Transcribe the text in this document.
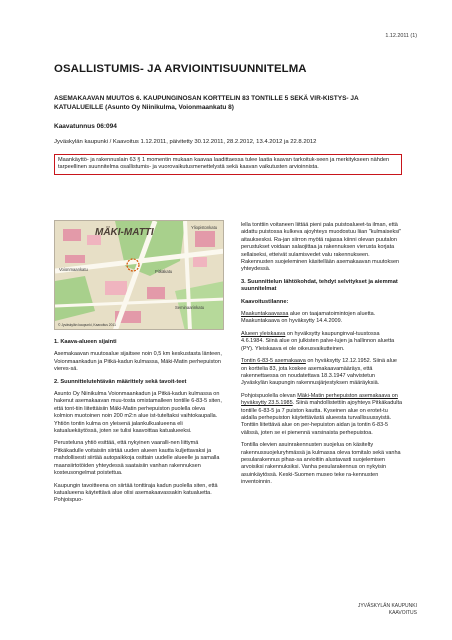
1.12.2011 (1)
OSALLISTUMIS- JA ARVIOINTISUUNNITELMA
ASEMAKAAVAN MUUTOS 6. KAUPUNGINOSAN KORTTELIN 83 TONTILLE 5 SEKÄ VIR-KISTYS- JA KATUALUEILLE (Asunto Oy Niinikulma, Voionmaankatu 8)
Kaavatunnus 06:094
Jyväskylän kaupunki / Kaavoitus 1.12.2011, päivitetty 30.12.2011, 28.2.2012, 13.4.2012 ja 22.8.2012
Maankäyttö- ja rakennuslain 63 § 1 momentin mukaan kaavaa laadittaessa tulee laatia kaavan tarkoituk-seen ja merkitykseen nähden tarpeellinen suunnitelma osallistumis- ja vuorovaikutusmenettelystä sekä kaavan vaikutusten arvioinnista.
MÄKI-MATTI
Voionmaankatu	Pitkäkatu
Yliopistonkatu
Seminaarinkatu
© Jyväskylän kaupunki, Kaavoitus 2011
1. Kaava-alueen sijainti

Asemakaavan muutosalue sijaitsee noin 0,5 km keskustasta länteen, Voionmaankadun ja Pitkä-kadun kulmassa, Mäki-Matin perhepuiston vieres-sä.

2. Suunnittelutehtävän määrittely sekä tavoit-teet

Asunto Oy Niinikulma Voionmaankadun ja Pitkä-kadun kulmassa on hakenut asemakaavan muu-tosta omistamalleen tontille 6-83-5 siten, että tont-tiin liitettäisiin Mäki-Matin perhepuiston puolella oleva kolmion muotoinen noin 200 m2:n alue ist-tuteltaksi vaihtokaupalla. Yhtiön tontin kulma on yleisenä jalankulkualueena eli katualuekäytössä, joten se tulisi kaavoittaa katualueeksi.

Perusteluna yhtiö esittää, että nykyinen vaaralli-nen liittymä Pitkäkadulle voitaisiin siirtää uuden alueen kautta kuljettavaksi ja mahdollisesti siirtää autopaikkoja osittain uudelle alueelle ja samalla maansiirtotöiden yhteydessä saataisiin vanhan rakennuksen kosteusongelmat poistettua.

Kaupungin tavoitteena on siirtää tonttiraja kadun puolella siten, että katualueena käytettävä alue olisi asemakaavassakin katualuetta. Pohjoispuo-

lella tonttiin voitaneen liittää pieni pala puistoalueet-ta ilman, että aidattu puistossa kulkeva ajoyhteys muodostuu liian "kulmaiseksi" aitauksesksi. Ra-jan siirron myötä rajassa kiinni olevan puutalon perustukset voidaan salaojittaa ja rakennuksen vierusta korjata sellaiseksi, etteivät sulamisvedet valu rakennukseen. Rakennusten suojeleminen käsitellään asemakaavan muutoksen yhteydessä.

3. Suunnittelun lähtökohdat, tehdyt selvitykset ja aiemmat suunnitelmat
Kaavoitustilanne:

Maakuntakaavassa alue on taajamatoimintojen aluetta. Maakuntakaava on hyväksytty 14.4.2009.

Alueen yleiskaava on hyväksytty kaupunginval-tuustossa 4.6.1984. Siinä alue on julkisten palve-lujen ja hallinnon aluetta (PY). Yleiskaava ei ole oikeusvaikutteinen.

Tontin 6-83-5 asemakaava on hyväksytty 12.12.1952. Siinä alue on korttelia 83, jota koskee asemakaavamääräys, että rakennettaessa on noudatettava 18.3.1947 vahvistetun Jyväskylän kaupungin rakennusjärjestyksen määräyksiä.

Pohjoispuolella olevan Mäki-Matin perhepuiston asemakaava on hyväksytty 23.5.1985. Siinä mahdollistettiin ajoyhteys Pitkäkadulta tontille 6-83-5 ja 7 puiston kautta. Kyseinen alue on erotet-tu aidalla perhepuiston käytettävästä alueesta turvallisuussyistä. Tonttiin liitettävä alue on per-hepuiston aidan ja tontin 6-83-5 välissä, joten se ei pienennä varsinaista perhepuistoa.

Tontilla olevien asuinrakennusten suojelua on käsitelty rakennussuojeluryhmässä ja kulmassa oleva tomitalo sekä vanha pesularakennus pihas-sa arvioitiin alustavasti suojelemisen arvoisiksi rakennuksiksi. Vanha pesularakennus on nykyisin asuinkäytössä. Keski-Suomen museo teke ra-kennusten inventoinnin.

JYVÄSKYLÄN KAUPUNKI
KAAVOITUS
